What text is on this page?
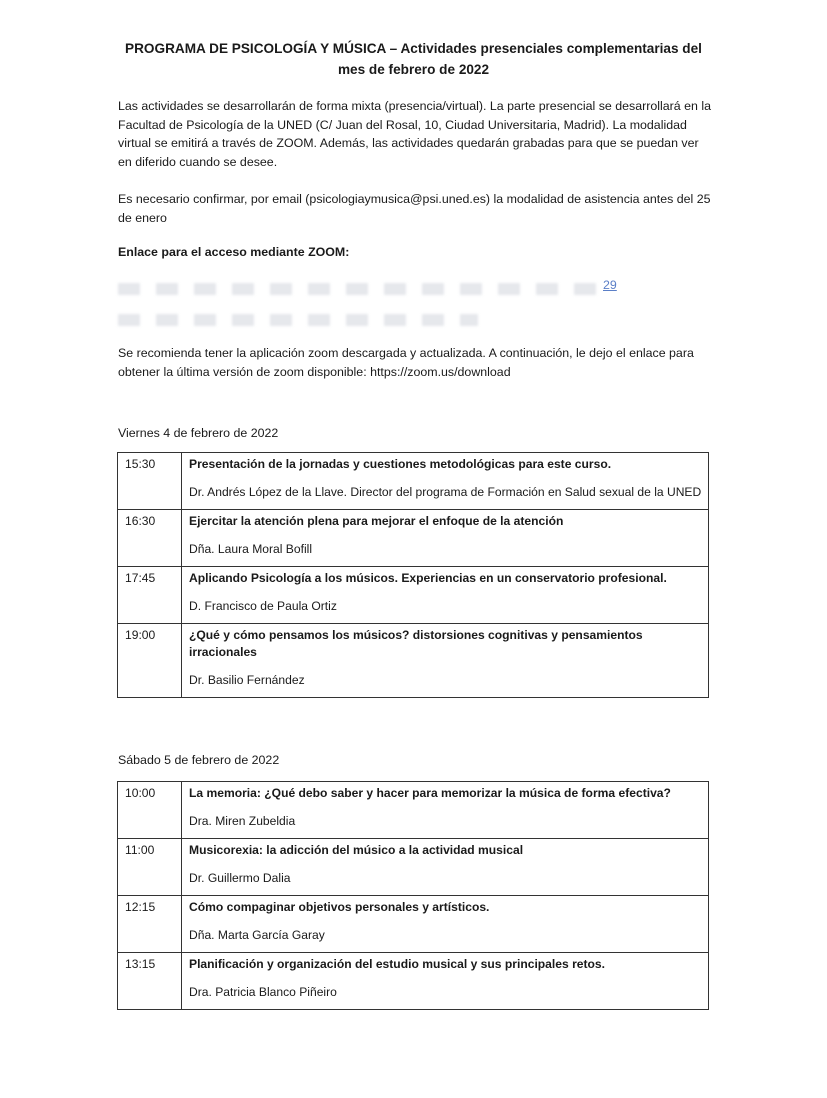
PROGRAMA DE PSICOLOGÍA Y MÚSICA – Actividades presenciales complementarias del
mes de febrero de 2022
Las actividades se desarrollarán de forma mixta (presencia/virtual). La parte presencial se desarrollará en la Facultad de Psicología de la UNED (C/ Juan del Rosal, 10, Ciudad Universitaria, Madrid). La modalidad virtual se emitirá a través de ZOOM. Además, las actividades quedarán grabadas para que se puedan ver en diferido cuando se desee.
Es necesario confirmar, por email (psicologiaymusica@psi.uned.es) la modalidad de asistencia antes del 25 de enero
Enlace para el acceso mediante ZOOM:
29
Se recomienda tener la aplicación zoom descargada y actualizada. A continuación, le dejo el enlace para obtener la última versión de zoom disponible: https://zoom.us/download
Viernes 4 de febrero de 2022
15:30	Presentación de la jornadas y cuestiones metodológicas para este curso.
Dr. Andrés López de la Llave. Director del programa de Formación en Salud sexual de la UNED

16:30	Ejercitar la atención plena para mejorar el enfoque de la atención
Dña. Laura Moral Bofill

17:45	Aplicando Psicología a los músicos. Experiencias en un conservatorio profesional.
D. Francisco de Paula Ortiz

19:00	¿Qué y cómo pensamos los músicos? distorsiones cognitivas y pensamientos irracionales
Dr. Basilio Fernández
Sábado 5 de febrero de 2022
10:00	La memoria: ¿Qué debo saber y hacer para memorizar la música de forma efectiva?
Dra. Miren Zubeldia

11:00	Musicorexia: la adicción del músico a la actividad musical
Dr. Guillermo Dalia

12:15	Cómo compaginar objetivos personales y artísticos.
Dña. Marta García Garay

13:15	Planificación y organización del estudio musical y sus principales retos.
Dra. Patricia Blanco Piñeiro
